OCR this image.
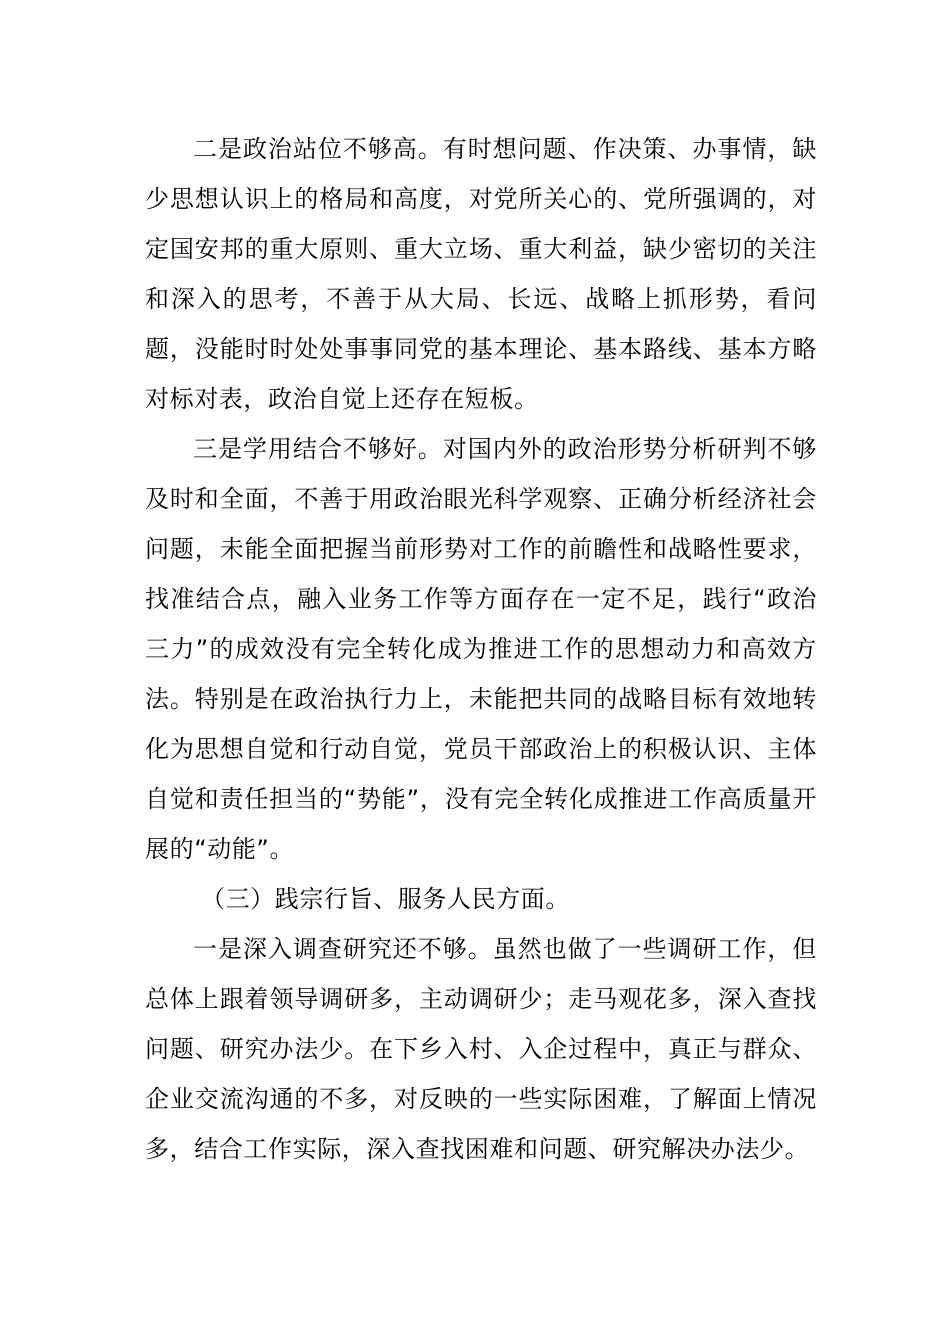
二是政治站位不够高。有时想问题、作决策、办事情，缺少思想认识上的格局和高度，对党所关心的、党所强调的，对定国安邦的重大原则、重大立场、重大利益，缺少密切的关注和深入的思考，不善于从大局、长远、战略上抓形势，看问题，没能时时处处事事同党的基本理论、基本路线、基本方略对标对表，政治自觉上还存在短板。

三是学用结合不够好。对国内外的政治形势分析研判不够及时和全面，不善于用政治眼光科学观察、正确分析经济社会问题，未能全面把握当前形势对工作的前瞻性和战略性要求，找准结合点，融入业务工作等方面存在一定不足，践行“政治三力”的成效没有完全转化成为推进工作的思想动力和高效方法。特别是在政治执行力上，未能把共同的战略目标有效地转化为思想自觉和行动自觉，党员干部政治上的积极认识、主体自觉和责任担当的“势能”，没有完全转化成推进工作高质量开展的“动能”。

（三）践宗行旨、服务人民方面。

一是深入调查研究还不够。虽然也做了一些调研工作，但总体上跟着领导调研多，主动调研少；走马观花多，深入查找问题、研究办法少。在下乡入村、入企过程中，真正与群众、企业交流沟通的不多，对反映的一些实际困难，了解面上情况多，结合工作实际，深入查找困难和问题、研究解决办法少。
